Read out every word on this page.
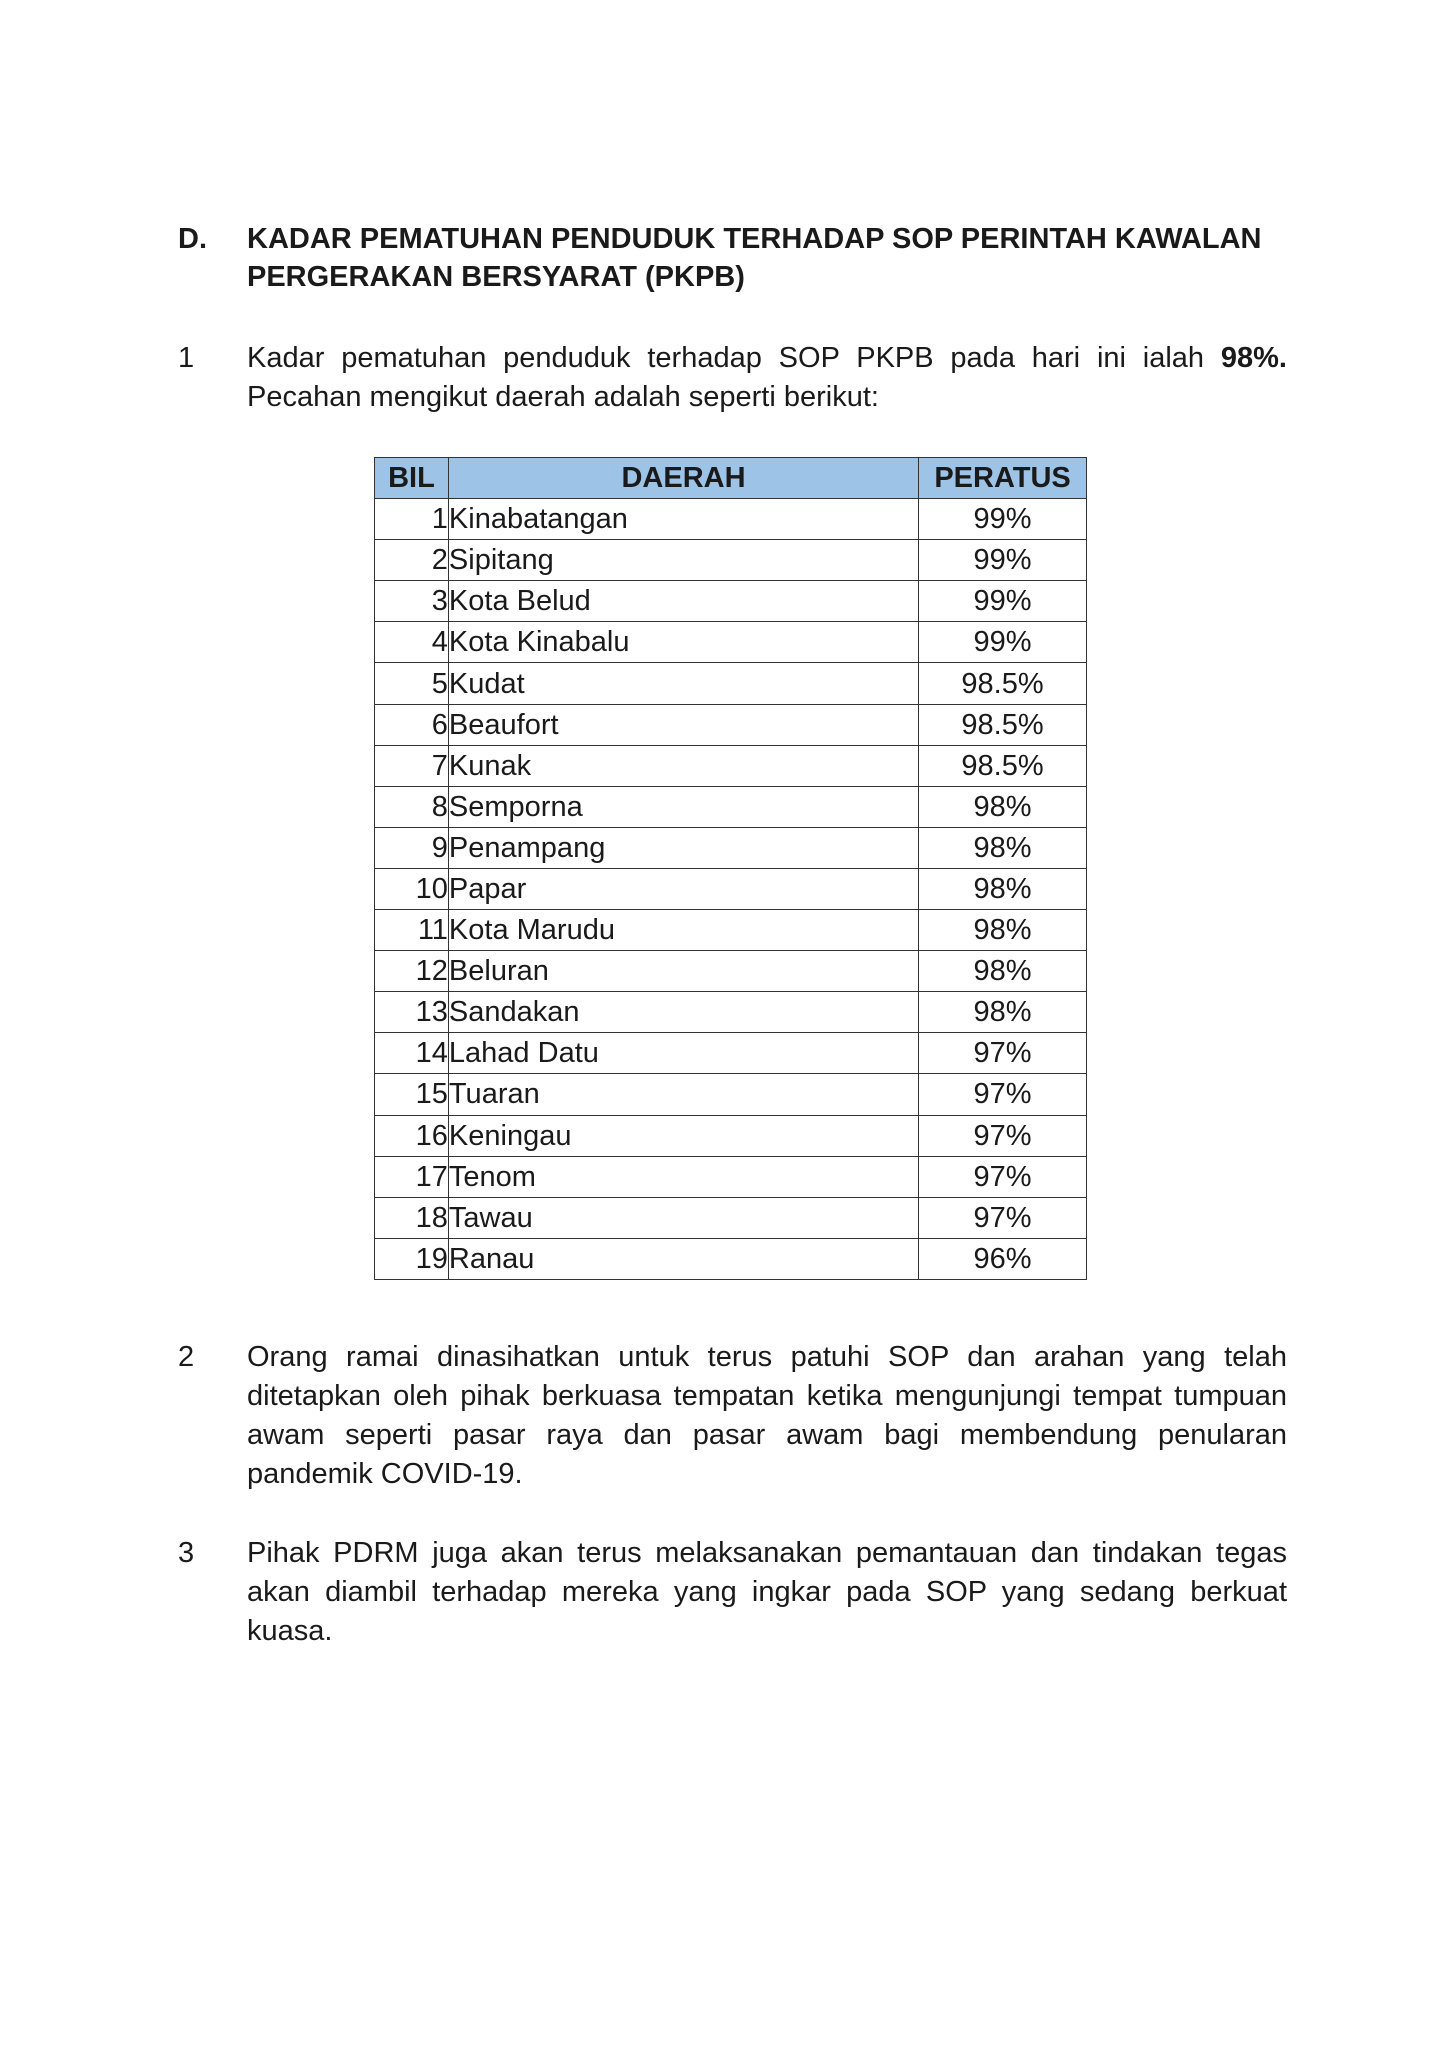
D. KADAR PEMATUHAN PENDUDUK TERHADAP SOP PERINTAH KAWALAN PERGERAKAN BERSYARAT (PKPB)
1 Kadar pematuhan penduduk terhadap SOP PKPB pada hari ini ialah 98%. Pecahan mengikut daerah adalah seperti berikut:
BIL	DAERAH	PERATUS
1	Kinabatangan	99%
2	Sipitang	99%
3	Kota Belud	99%
4	Kota Kinabalu	99%
5	Kudat	98.5%
6	Beaufort	98.5%
7	Kunak	98.5%
8	Semporna	98%
9	Penampang	98%
10	Papar	98%
11	Kota Marudu	98%
12	Beluran	98%
13	Sandakan	98%
14	Lahad Datu	97%
15	Tuaran	97%
16	Keningau	97%
17	Tenom	97%
18	Tawau	97%
19	Ranau	96%
2 Orang ramai dinasihatkan untuk terus patuhi SOP dan arahan yang telah ditetapkan oleh pihak berkuasa tempatan ketika mengunjungi tempat tumpuan awam seperti pasar raya dan pasar awam bagi membendung penularan pandemik COVID-19.
3 Pihak PDRM juga akan terus melaksanakan pemantauan dan tindakan tegas akan diambil terhadap mereka yang ingkar pada SOP yang sedang berkuat kuasa.
